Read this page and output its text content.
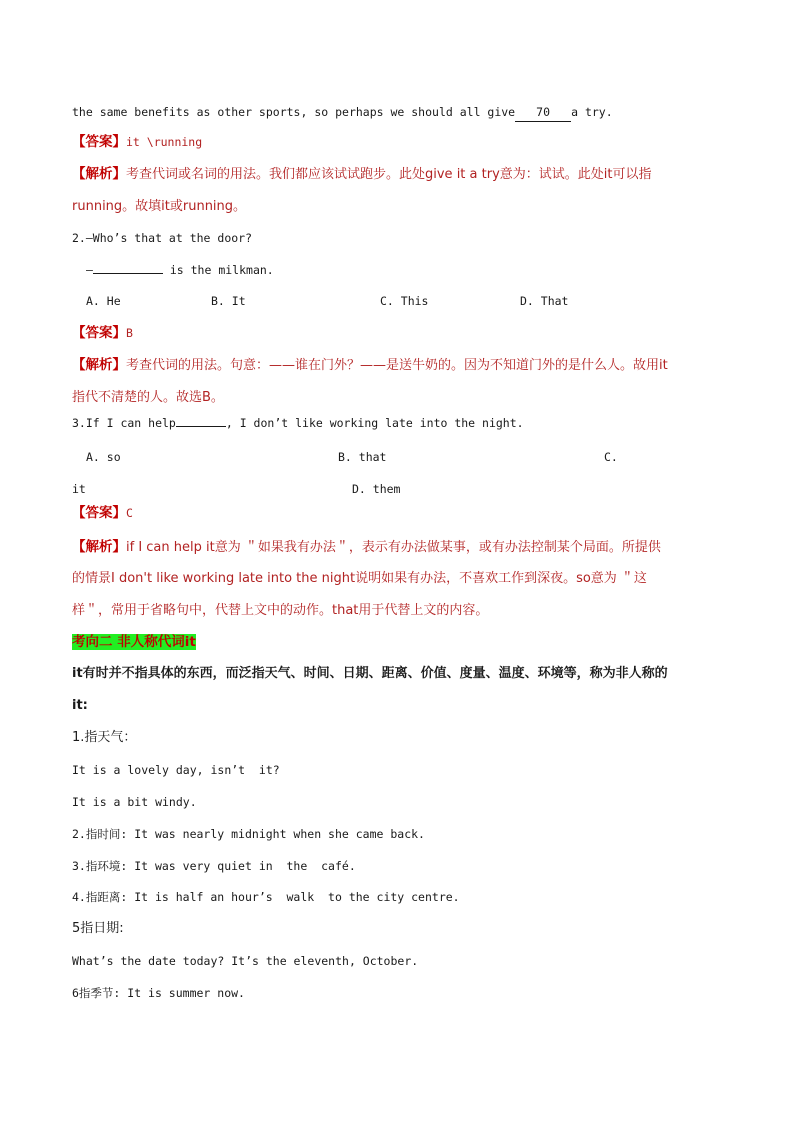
the same benefits as other sports, so perhaps we should all give 70 a try.
【答案】it \running
【解析】考查代词或名词的用法。我们都应该试试跑步。此处give it a try意为：试试。此处it可以指
running。故填it或running。
2.—Who’s that at the door?
—	is the milkman.
A. He	B. It	C. This	D. That
【答案】B
【解析】考查代词的用法。句意：——谁在门外？——是送牛奶的。因为不知道门外的是什么人。故用it
指代不清楚的人。故选B。
3.If I can help	, I don’t like working late into the night.
A. so	B. that	C.
it	D. them
【答案】C
【解析】if I can help it意为 ＂如果我有办法＂，表示有办法做某事，或有办法控制某个局面。所提供
的情景I don't like working late into the night说明如果有办法，不喜欢工作到深夜。so意为 ＂这
样＂，常用于省略句中，代替上文中的动作。that用于代替上文的内容。
考向二 非人称代词it
it有时并不指具体的东西，而泛指天气、时间、日期、距离、价值、度量、温度、环境等，称为非人称的
it:
1.指天气：
It is a lovely day, isn’t  it?
It is a bit windy.
2.指时间: It was nearly midnight when she came back.
3.指环境: It was very quiet in  the  café.
4.指距离: It is half an hour’s  walk  to the city centre.
5指日期:
What’s the date today? It’s the eleventh, October.
6指季节: It is summer now.
